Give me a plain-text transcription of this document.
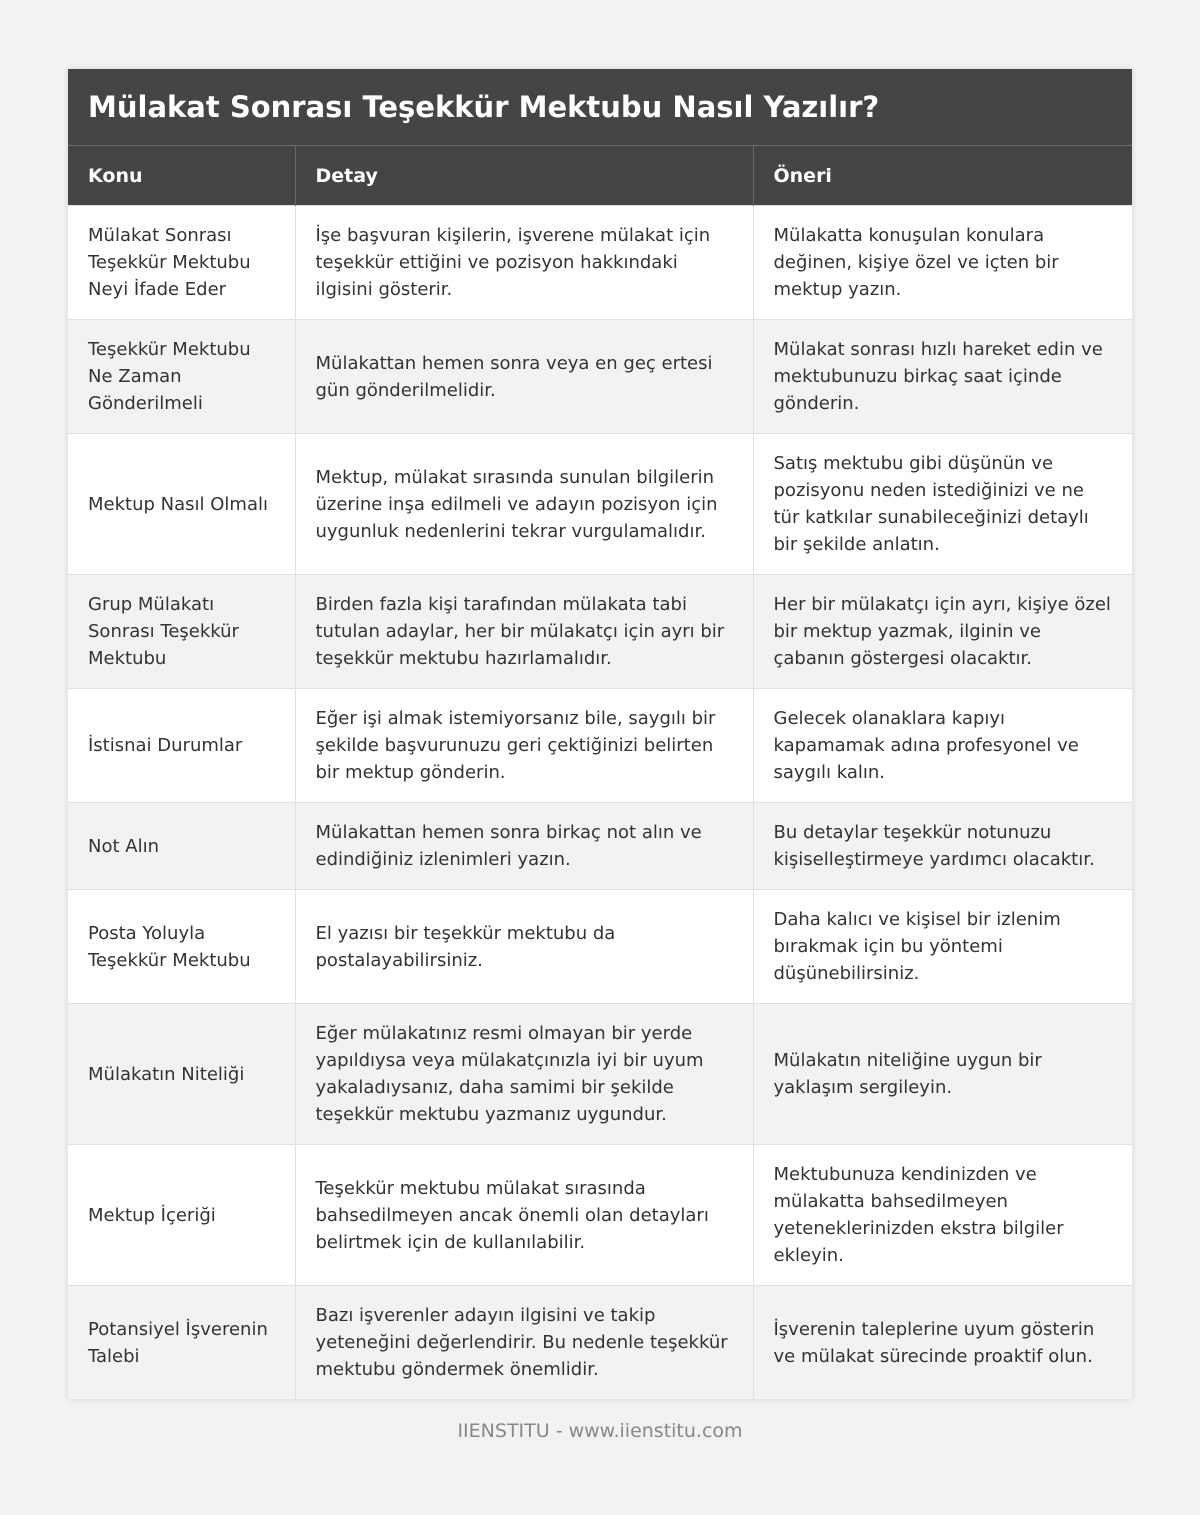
Mülakat Sonrası Teşekkür Mektubu Nasıl Yazılır?
Konu	Detay	Öneri
Mülakat Sonrası Teşekkür Mektubu Neyi İfade Eder	İşe başvuran kişilerin, işverene mülakat için teşekkür ettiğini ve pozisyon hakkındaki ilgisini gösterir.	Mülakatta konuşulan konulara değinen, kişiye özel ve içten bir mektup yazın.
Teşekkür Mektubu Ne Zaman Gönderilmeli	Mülakattan hemen sonra veya en geç ertesi gün gönderilmelidir.	Mülakat sonrası hızlı hareket edin ve mektubunuzu birkaç saat içinde gönderin.
Mektup Nasıl Olmalı	Mektup, mülakat sırasında sunulan bilgilerin üzerine inşa edilmeli ve adayın pozisyon için uygunluk nedenlerini tekrar vurgulamalıdır.	Satış mektubu gibi düşünün ve pozisyonu neden istediğinizi ve ne tür katkılar sunabileceğinizi detaylı bir şekilde anlatın.
Grup Mülakatı Sonrası Teşekkür Mektubu	Birden fazla kişi tarafından mülakata tabi tutulan adaylar, her bir mülakatçı için ayrı bir teşekkür mektubu hazırlamalıdır.	Her bir mülakatçı için ayrı, kişiye özel bir mektup yazmak, ilginin ve çabanın göstergesi olacaktır.
İstisnai Durumlar	Eğer işi almak istemiyorsanız bile, saygılı bir şekilde başvurunuzu geri çektiğinizi belirten bir mektup gönderin.	Gelecek olanaklara kapıyı kapamamak adına profesyonel ve saygılı kalın.
Not Alın	Mülakattan hemen sonra birkaç not alın ve edindiğiniz izlenimleri yazın.	Bu detaylar teşekkür notunuzu kişiselleştirmeye yardımcı olacaktır.
Posta Yoluyla Teşekkür Mektubu	El yazısı bir teşekkür mektubu da postalayabilirsiniz.	Daha kalıcı ve kişisel bir izlenim bırakmak için bu yöntemi düşünebilirsiniz.
Mülakatın Niteliği	Eğer mülakatınız resmi olmayan bir yerde yapıldıysa veya mülakatçınızla iyi bir uyum yakaladıysanız, daha samimi bir şekilde teşekkür mektubu yazmanız uygundur.	Mülakatın niteliğine uygun bir yaklaşım sergileyin.
Mektup İçeriği	Teşekkür mektubu mülakat sırasında bahsedilmeyen ancak önemli olan detayları belirtmek için de kullanılabilir.	Mektubunuza kendinizden ve mülakatta bahsedilmeyen yeteneklerinizden ekstra bilgiler ekleyin.
Potansiyel İşverenin Talebi	Bazı işverenler adayın ilgisini ve takip yeteneğini değerlendirir. Bu nedenle teşekkür mektubu göndermek önemlidir.	İşverenin taleplerine uyum gösterin ve mülakat sürecinde proaktif olun.
IIENSTITU - www.iienstitu.com
